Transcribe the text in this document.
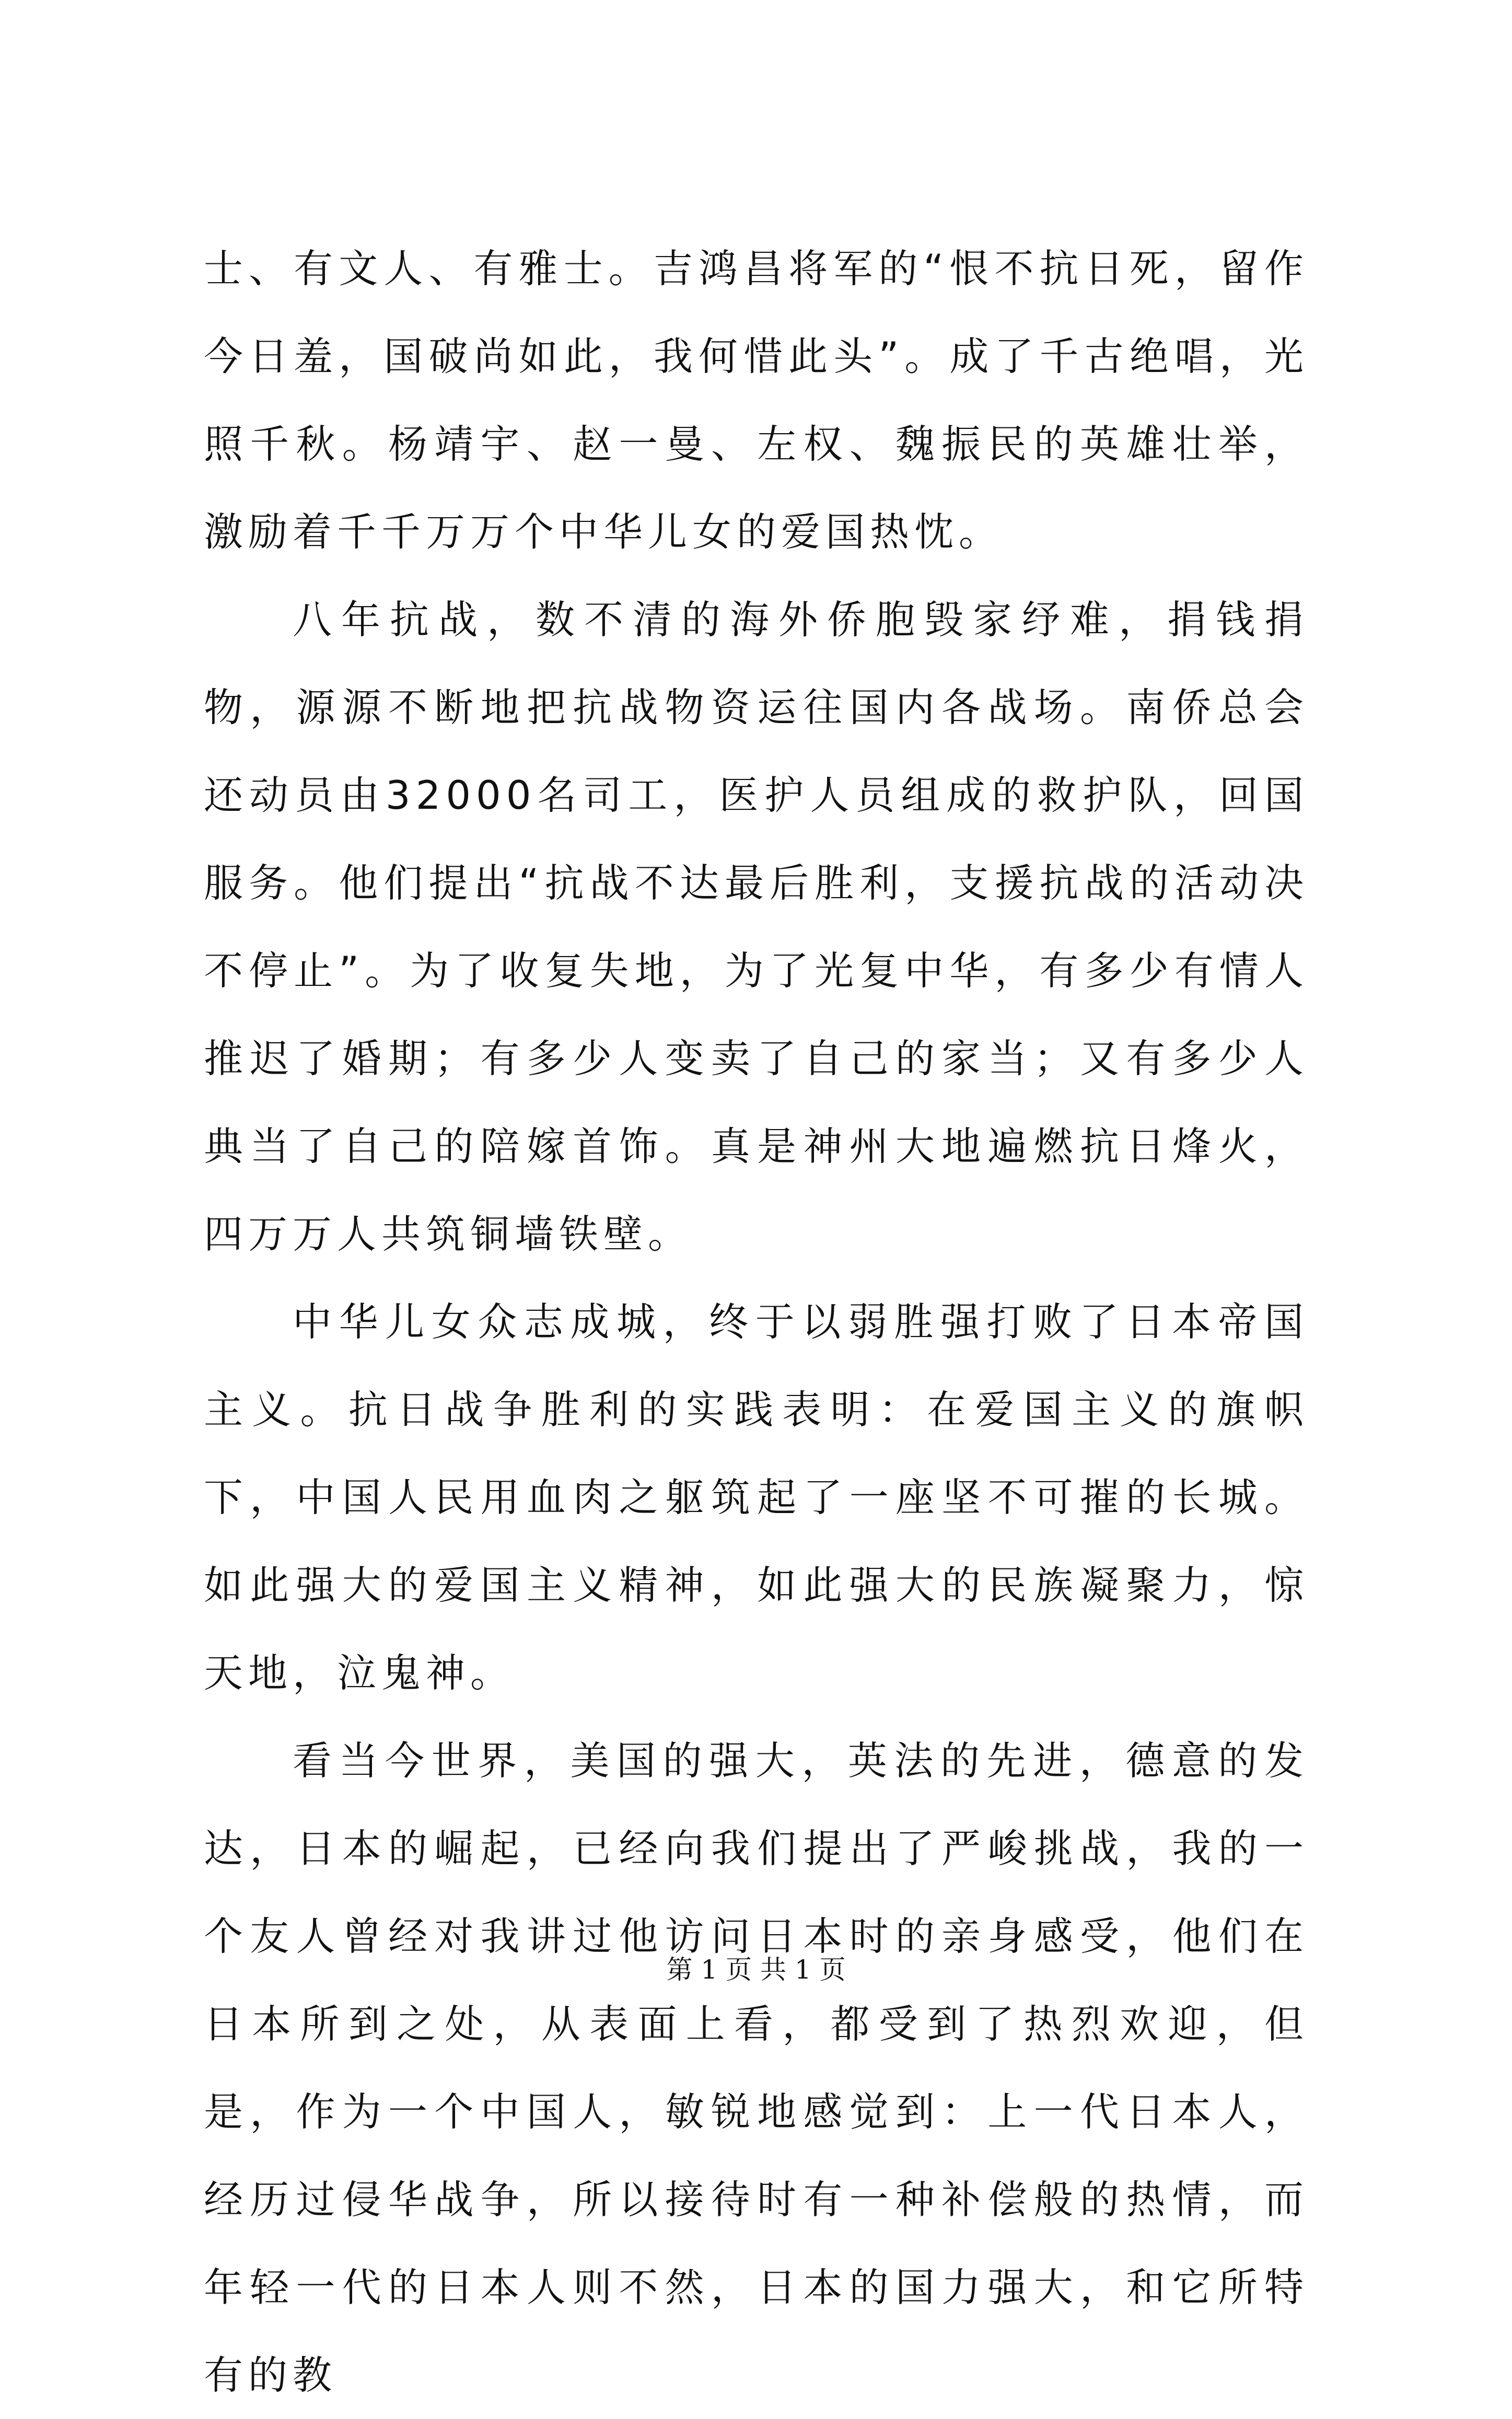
士、有文人、有雅士。吉鸿昌将军的“恨不抗日死，留作今日羞，国破尚如此，我何惜此头”。成了千古绝唱，光照千秋。杨靖宇、赵一曼、左权、魏振民的英雄壮举，激励着千千万万个中华儿女的爱国热忱。

八年抗战，数不清的海外侨胞毁家纾难，捐钱捐物，源源不断地把抗战物资运往国内各战场。南侨总会还动员由32000名司工，医护人员组成的救护队，回国服务。他们提出“抗战不达最后胜利，支援抗战的活动决不停止”。为了收复失地，为了光复中华，有多少有情人推迟了婚期；有多少人变卖了自己的家当；又有多少人典当了自己的陪嫁首饰。真是神州大地遍燃抗日烽火，四万万人共筑铜墙铁壁。

中华儿女众志成城，终于以弱胜强打败了日本帝国主义。抗日战争胜利的实践表明：在爱国主义的旗帜下，中国人民用血肉之躯筑起了一座坚不可摧的长城。如此强大的爱国主义精神，如此强大的民族凝聚力，惊天地，泣鬼神。

看当今世界，美国的强大，英法的先进，德意的发达，日本的崛起，已经向我们提出了严峻挑战，我的一个友人曾经对我讲过他访问日本时的亲身感受，他们在日本所到之处，从表面上看，都受到了热烈欢迎，但是，作为一个中国人，敏锐地感觉到：上一代日本人，经历过侵华战争，所以接待时有一种补偿般的热情，而年轻一代的日本人则不然，日本的国力强大，和它所特有的教

第 1 页 共 1 页
